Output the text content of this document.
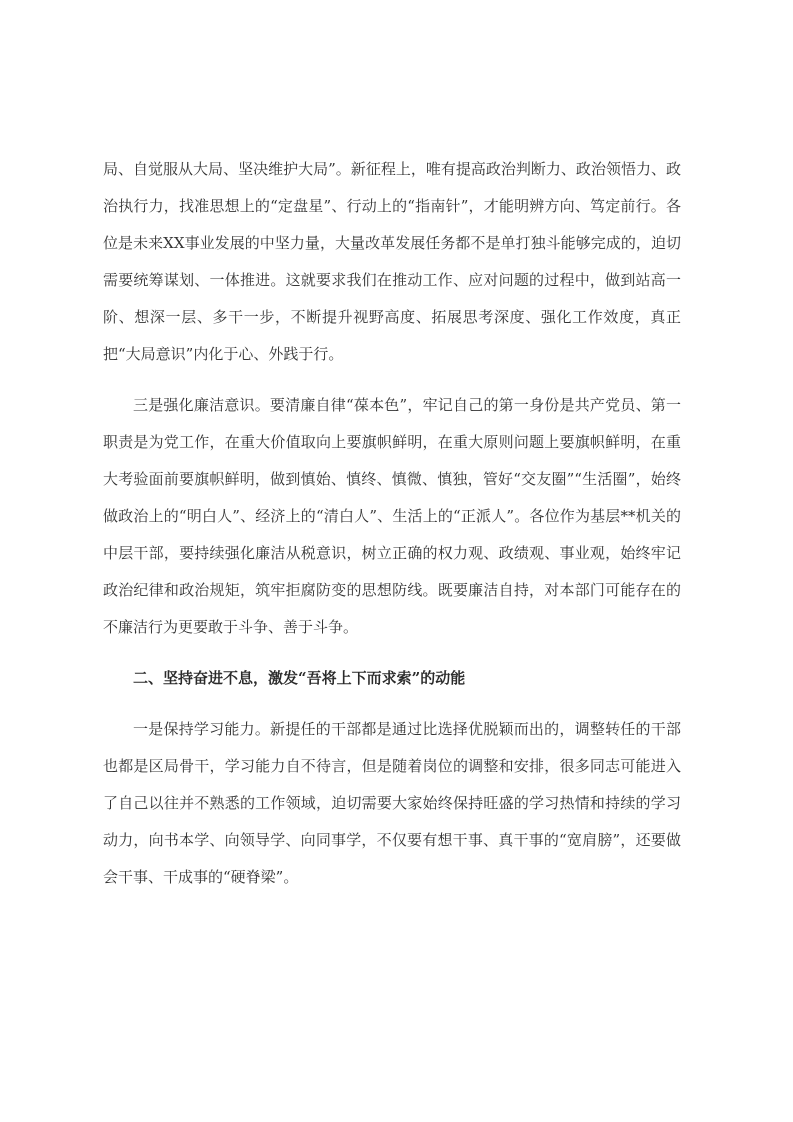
局、自觉服从大局、坚决维护大局”。新征程上，唯有提高政治判断力、政治领悟力、政治执行力，找准思想上的“定盘星”、行动上的“指南针”，才能明辨方向、笃定前行。各位是未来XX事业发展的中坚力量，大量改革发展任务都不是单打独斗能够完成的，迫切需要统筹谋划、一体推进。这就要求我们在推动工作、应对问题的过程中，做到站高一阶、想深一层、多干一步，不断提升视野高度、拓展思考深度、强化工作效度，真正把“大局意识”内化于心、外践于行。

三是强化廉洁意识。要清廉自律“葆本色”，牢记自己的第一身份是共产党员、第一职责是为党工作，在重大价值取向上要旗帜鲜明，在重大原则问题上要旗帜鲜明，在重大考验面前要旗帜鲜明，做到慎始、慎终、慎微、慎独，管好“交友圈”“生活圈”，始终做政治上的“明白人”、经济上的“清白人”、生活上的“正派人”。各位作为基层**机关的中层干部，要持续强化廉洁从税意识，树立正确的权力观、政绩观、事业观，始终牢记政治纪律和政治规矩，筑牢拒腐防变的思想防线。既要廉洁自持，对本部门可能存在的不廉洁行为更要敢于斗争、善于斗争。

二、坚持奋进不息，激发“吾将上下而求索”的动能

一是保持学习能力。新提任的干部都是通过比选择优脱颖而出的，调整转任的干部也都是区局骨干，学习能力自不待言，但是随着岗位的调整和安排，很多同志可能进入了自己以往并不熟悉的工作领域，迫切需要大家始终保持旺盛的学习热情和持续的学习动力，向书本学、向领导学、向同事学，不仅要有想干事、真干事的“宽肩膀”，还要做会干事、干成事的“硬脊梁”。
